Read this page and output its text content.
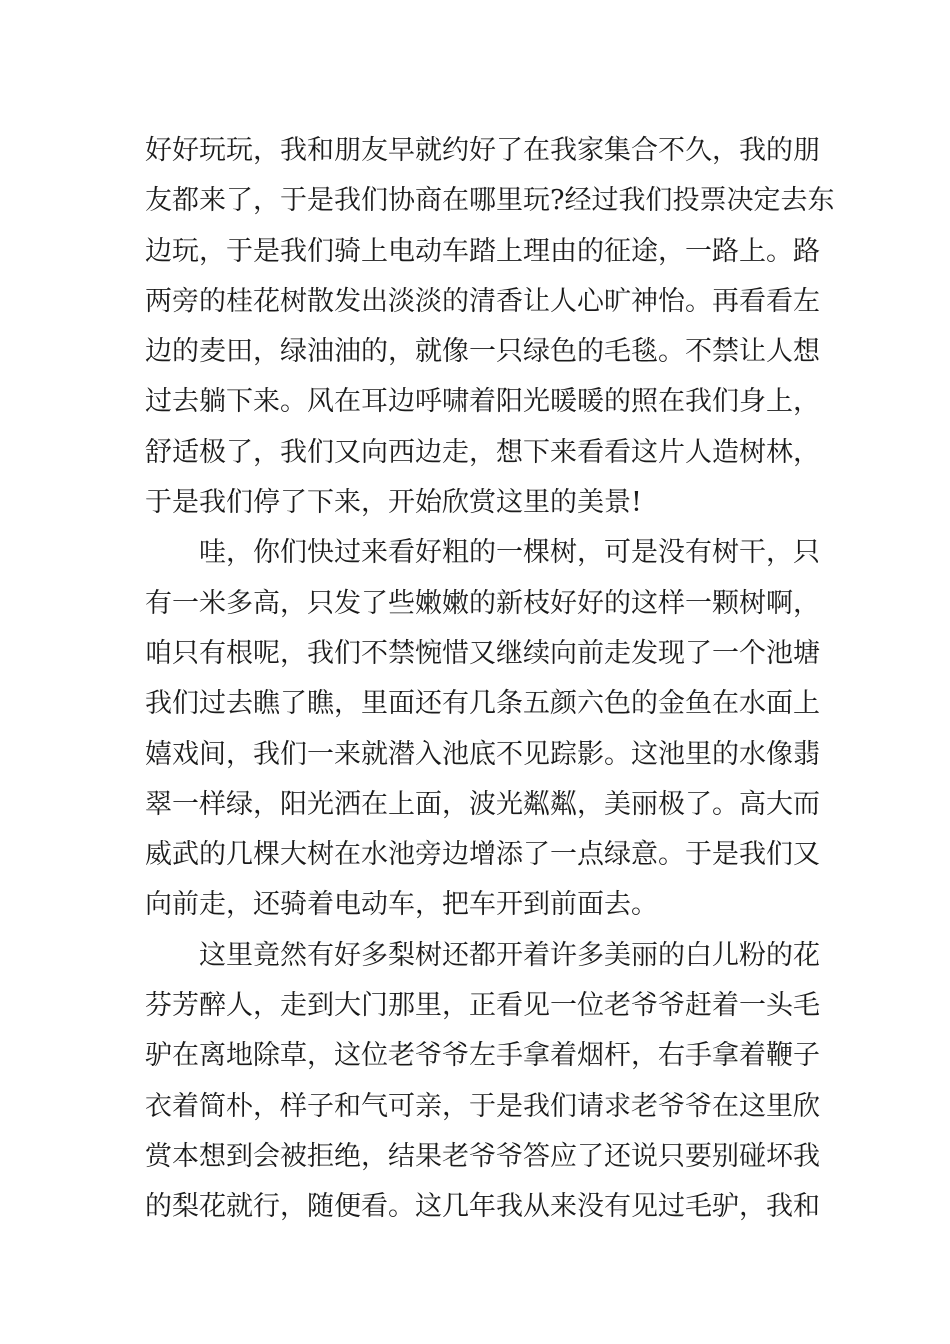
好好玩玩，我和朋友早就约好了在我家集合不久，我的朋
友都来了，于是我们协商在哪里玩?经过我们投票决定去东
边玩，于是我们骑上电动车踏上理由的征途，一路上。路
两旁的桂花树散发出淡淡的清香让人心旷神怡。再看看左
边的麦田，绿油油的，就像一只绿色的毛毯。不禁让人想
过去躺下来。风在耳边呼啸着阳光暖暖的照在我们身上，
舒适极了，我们又向西边走，想下来看看这片人造树林，
于是我们停了下来，开始欣赏这里的美景!
哇，你们快过来看好粗的一棵树，可是没有树干，只
有一米多高，只发了些嫩嫩的新枝好好的这样一颗树啊，
咱只有根呢，我们不禁惋惜又继续向前走发现了一个池塘
我们过去瞧了瞧，里面还有几条五颜六色的金鱼在水面上
嬉戏间，我们一来就潜入池底不见踪影。这池里的水像翡
翠一样绿，阳光洒在上面，波光粼粼，美丽极了。高大而
威武的几棵大树在水池旁边增添了一点绿意。于是我们又
向前走，还骑着电动车，把车开到前面去。
这里竟然有好多梨树还都开着许多美丽的白儿粉的花
芬芳醉人，走到大门那里，正看见一位老爷爷赶着一头毛
驴在离地除草，这位老爷爷左手拿着烟杆，右手拿着鞭子
衣着简朴，样子和气可亲，于是我们请求老爷爷在这里欣
赏本想到会被拒绝，结果老爷爷答应了还说只要别碰坏我
的梨花就行，随便看。这几年我从来没有见过毛驴，我和
